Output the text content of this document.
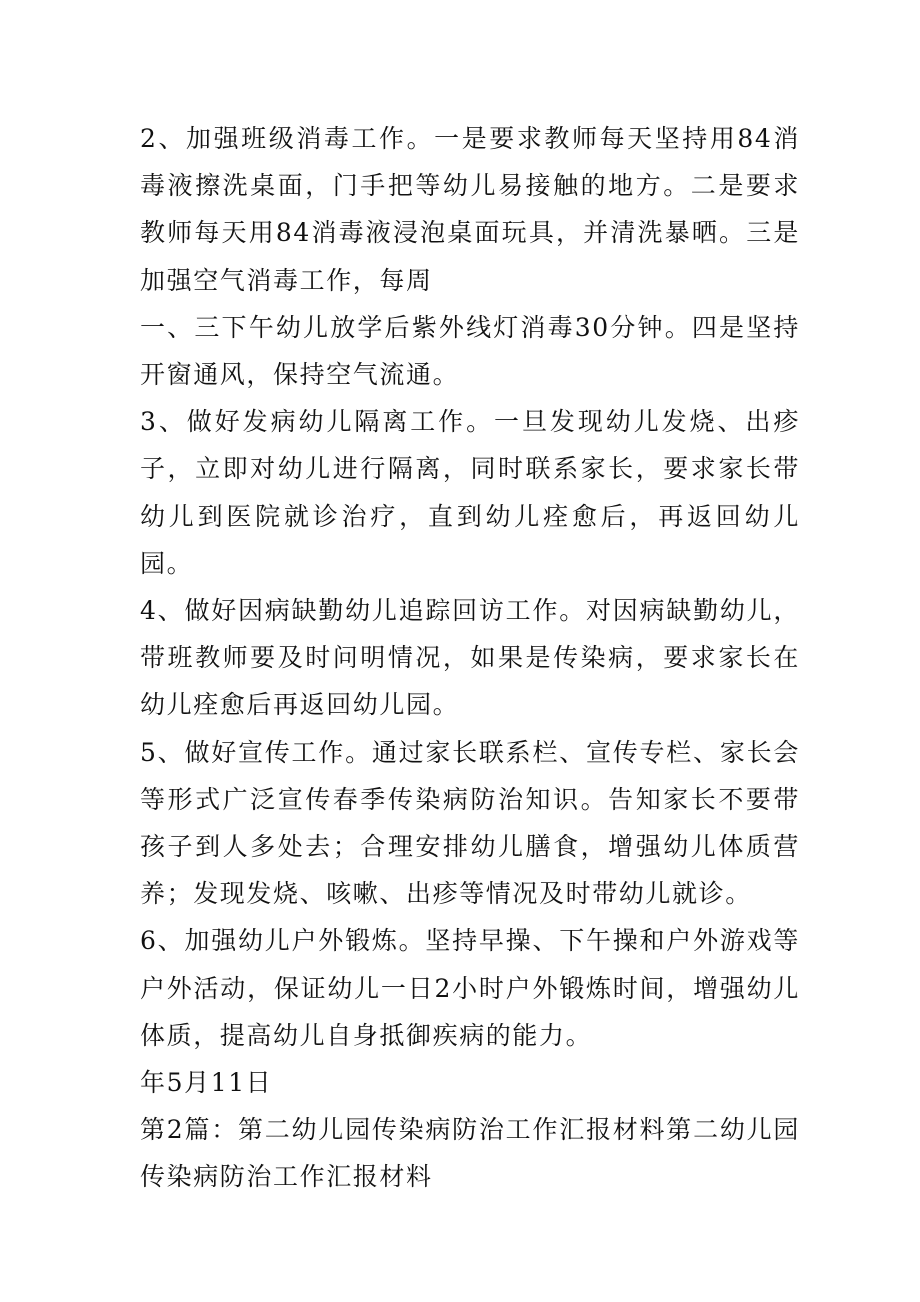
2、加强班级消毒工作。一是要求教师每天坚持用84消毒液擦洗桌面，门手把等幼儿易接触的地方。二是要求教师每天用84消毒液浸泡桌面玩具，并清洗暴晒。三是加强空气消毒工作，每周

一、三下午幼儿放学后紫外线灯消毒30分钟。四是坚持开窗通风，保持空气流通。

3、做好发病幼儿隔离工作。一旦发现幼儿发烧、出疹子，立即对幼儿进行隔离，同时联系家长，要求家长带幼儿到医院就诊治疗，直到幼儿痊愈后，再返回幼儿园。

4、做好因病缺勤幼儿追踪回访工作。对因病缺勤幼儿，带班教师要及时问明情况，如果是传染病，要求家长在幼儿痊愈后再返回幼儿园。

5、做好宣传工作。通过家长联系栏、宣传专栏、家长会等形式广泛宣传春季传染病防治知识。告知家长不要带孩子到人多处去；合理安排幼儿膳食，增强幼儿体质营养；发现发烧、咳嗽、出疹等情况及时带幼儿就诊。

6、加强幼儿户外锻炼。坚持早操、下午操和户外游戏等户外活动，保证幼儿一日2小时户外锻炼时间，增强幼儿体质，提高幼儿自身抵御疾病的能力。

年5月11日

第2篇：第二幼儿园传染病防治工作汇报材料第二幼儿园传染病防治工作汇报材料
